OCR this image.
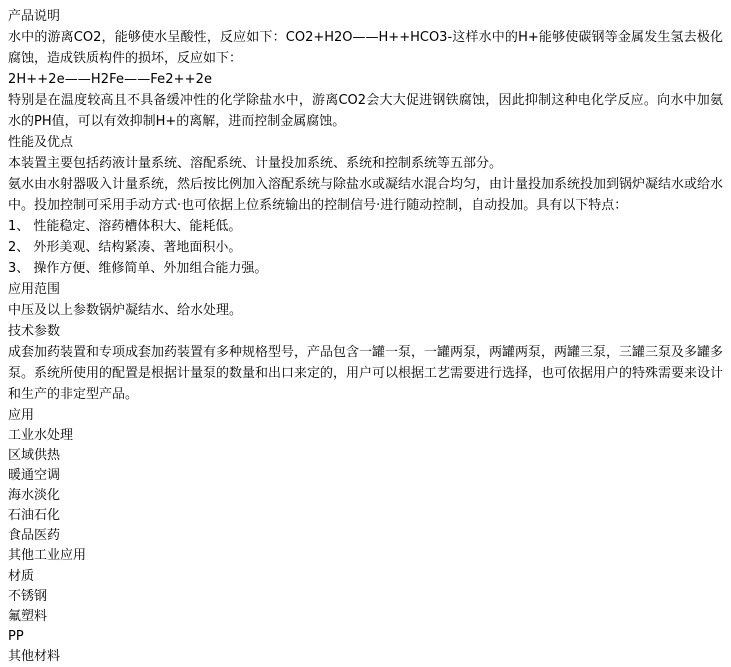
产品说明
水中的游离CO2，能够使水呈酸性，反应如下：CO2+H2O——H++HCO3-这样水中的H+能够使碳钢等金属发生氢去极化腐蚀，造成铁质构件的损坏，反应如下：
2H++2e——H2Fe——Fe2++2e
特别是在温度较高且不具备缓冲性的化学除盐水中，游离CO2会大大促进钢铁腐蚀，因此抑制这种电化学反应。向水中加氨水的PH值，可以有效抑制H+的离解，进而控制金属腐蚀。
性能及优点
本装置主要包括药液计量系统、溶配系统、计量投加系统、系统和控制系统等五部分。
氨水由水射器吸入计量系统，然后按比例加入溶配系统与除盐水或凝结水混合均匀，由计量投加系统投加到锅炉凝结水或给水中。投加控制可采用手动方式·也可依据上位系统输出的控制信号·进行随动控制，自动投加。具有以下特点：
1、 性能稳定、溶药槽体积大、能耗低。
2、 外形美观、结构紧凑、著地面积小。
3、 操作方便、维修简单、外加组合能力强。
应用范围
中压及以上参数锅炉凝结水、给水处理。
技术参数
成套加药装置和专项成套加药装置有多种规格型号，产品包含一罐一泵，一罐两泵，两罐两泵，两罐三泵，三罐三泵及多罐多泵。系统所使用的配置是根据计量泵的数量和出口来定的，用户可以根据工艺需要进行选择，也可依据用户的特殊需要来设计和生产的非定型产品。
应用
工业水处理
区域供热
暖通空调
海水淡化
石油石化
食品医药
其他工业应用
材质
不锈钢
氟塑料
PP
其他材料
